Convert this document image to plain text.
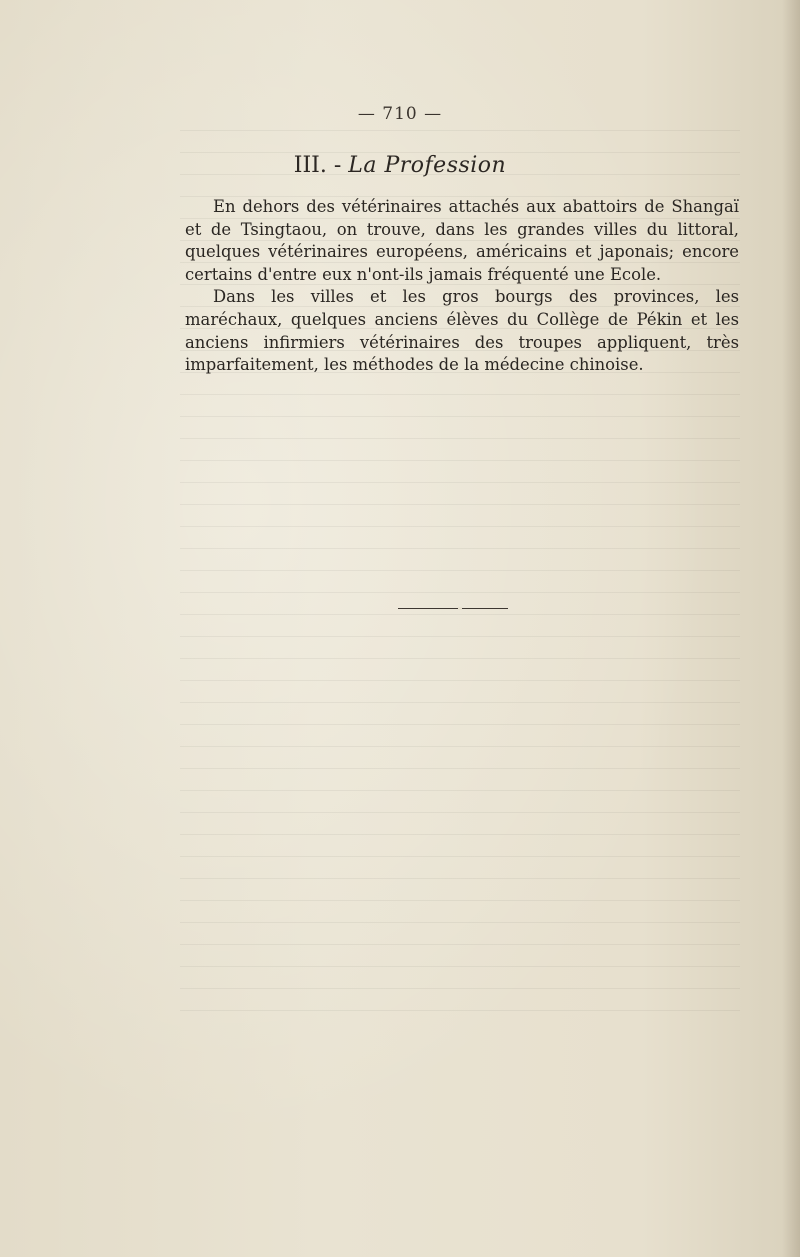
— 710 —
III. - La Profession

En dehors des vétérinaires attachés aux abattoirs de Shangaï et de Tsingtaou, on trouve, dans les grandes villes du littoral, quelques vétérinaires européens, américains et japonais; encore certains d'entre eux n'ont-ils jamais fréquenté une Ecole.

Dans les villes et les gros bourgs des provinces, les maréchaux, quelques anciens élèves du Collège de Pékin et les anciens infirmiers vétérinaires des troupes appliquent, très imparfaitement, les méthodes de la médecine chinoise.
